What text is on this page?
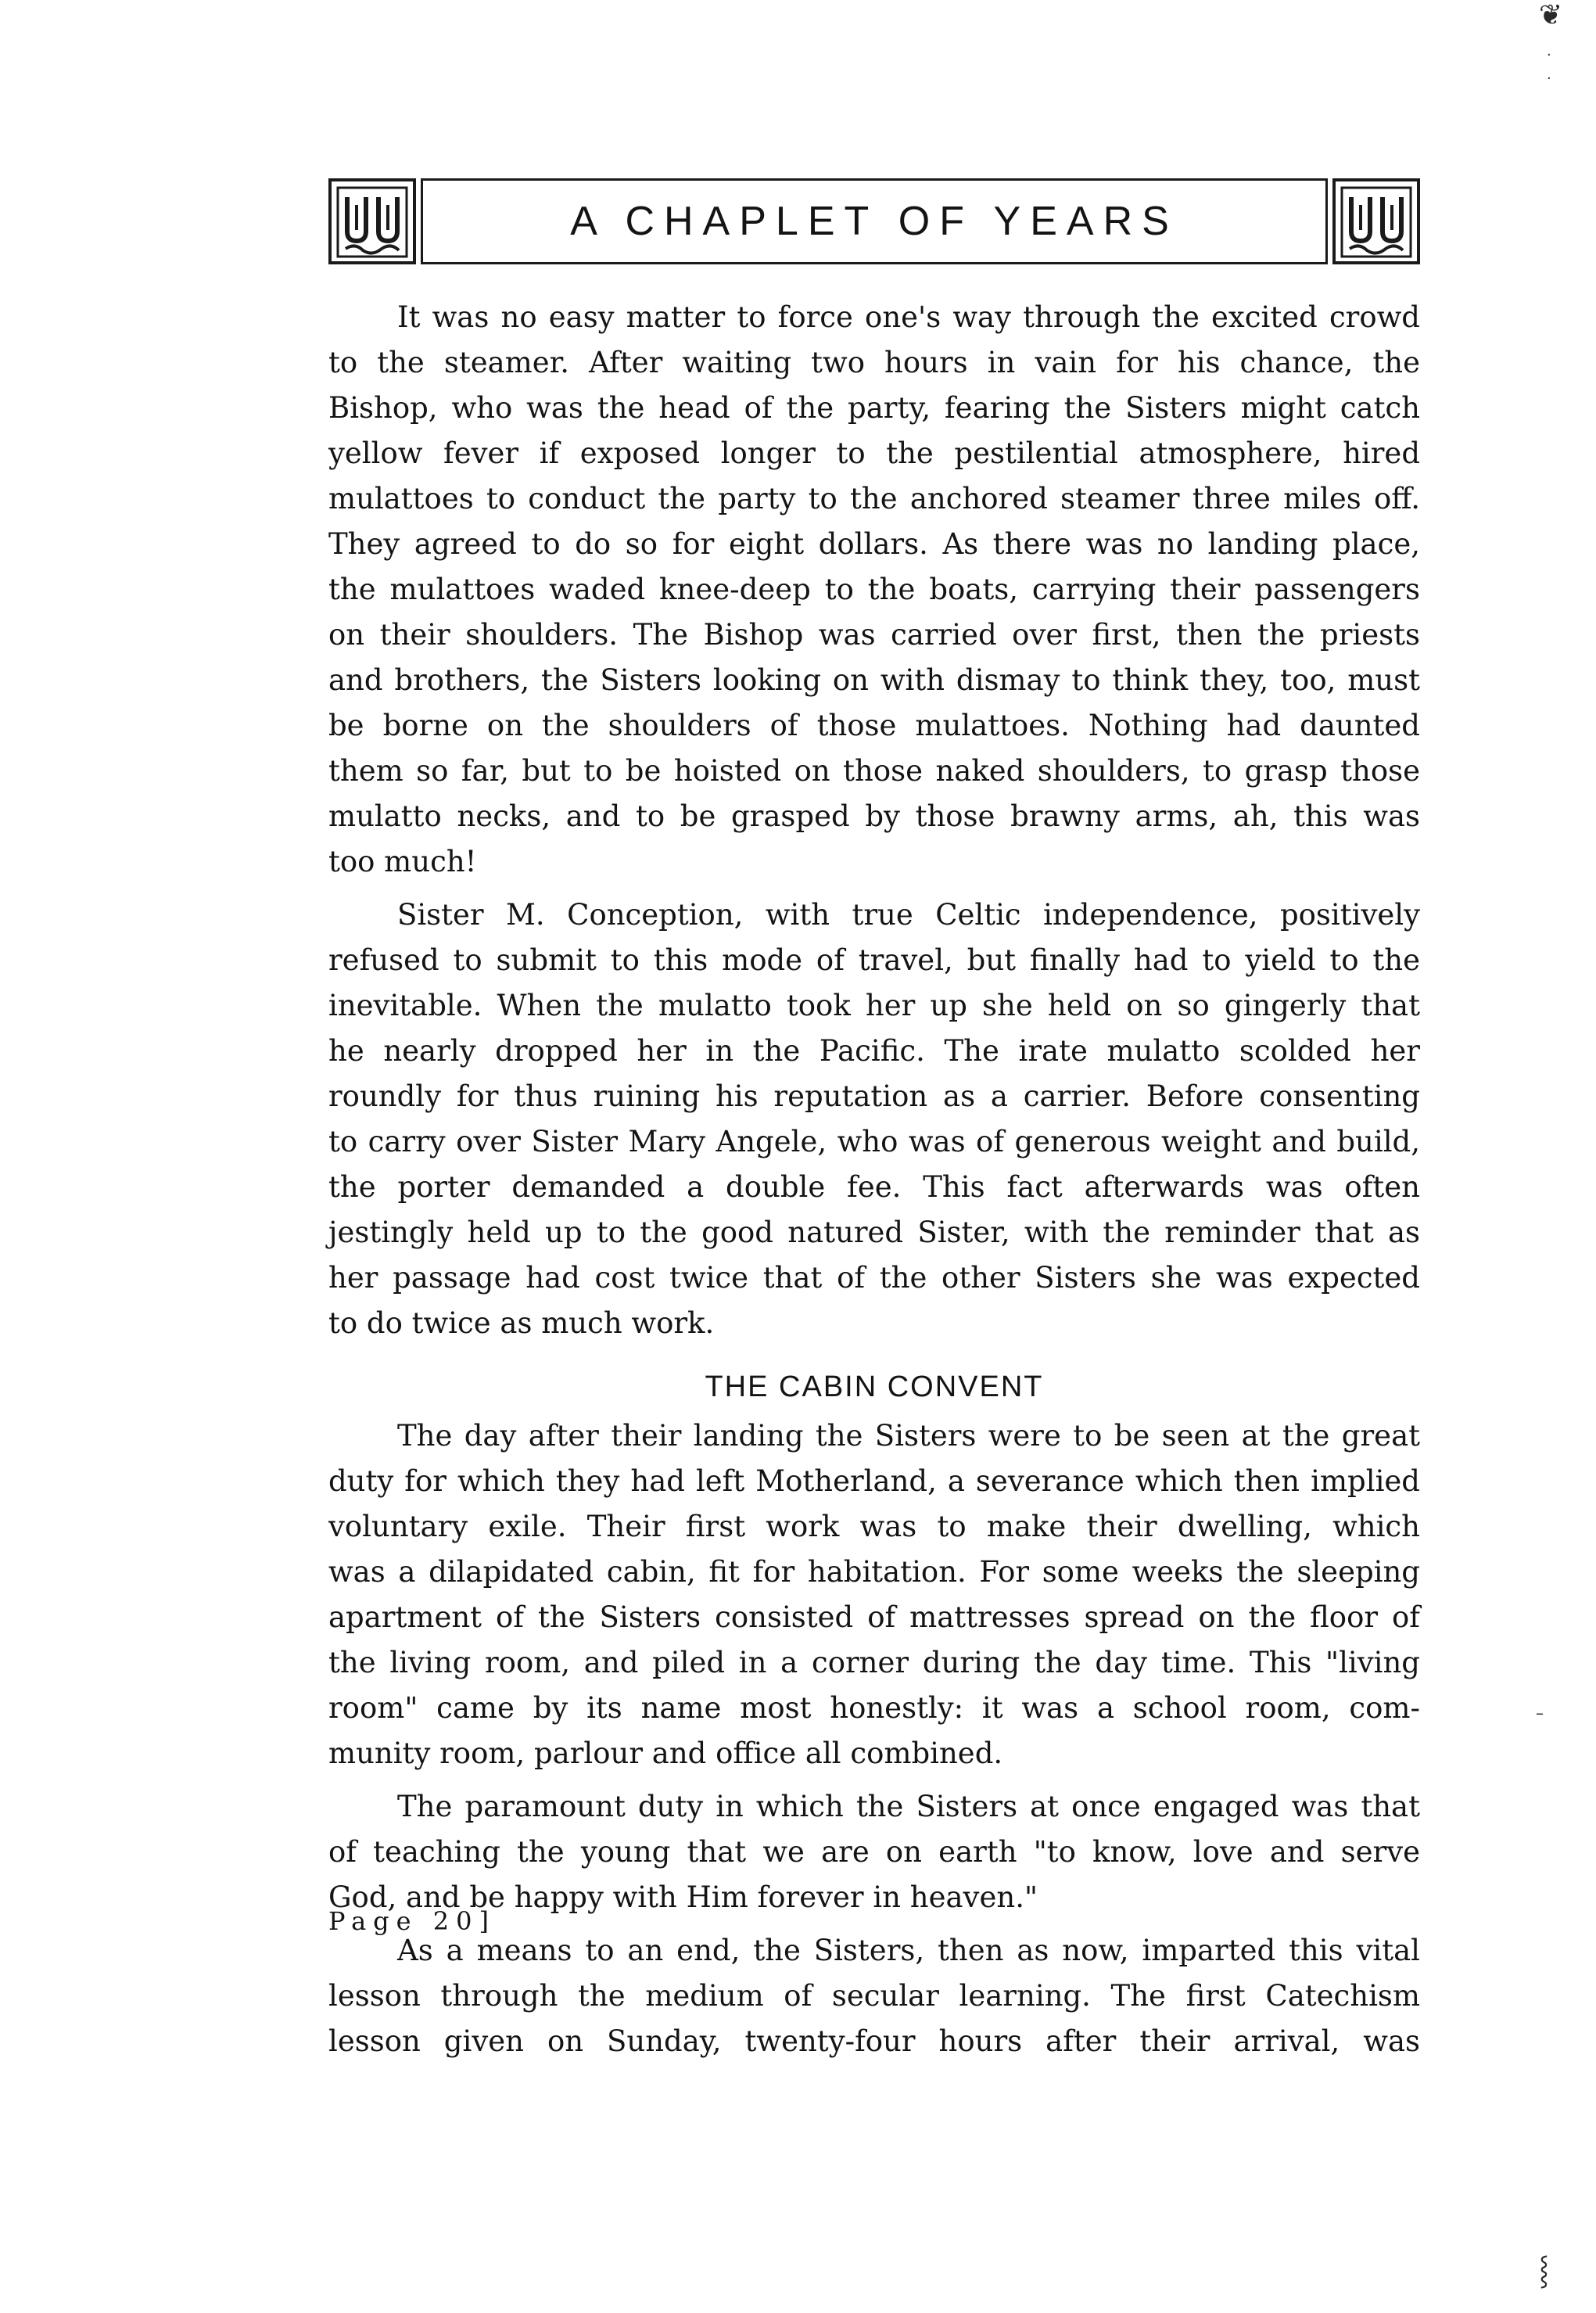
❦
·
·
–
⸾
A CHAPLET OF YEARS
It was no easy matter to force one's way through the excited crowd
to the steamer. After waiting two hours in vain for his chance, the
Bishop, who was the head of the party, fearing the Sisters might catch
yellow fever if exposed longer to the pestilential atmosphere, hired
mulattoes to conduct the party to the anchored steamer three miles off.
They agreed to do so for eight dollars. As there was no landing place,
the mulattoes waded knee-deep to the boats, carrying their passengers
on their shoulders. The Bishop was carried over first, then the priests
and brothers, the Sisters looking on with dismay to think they, too, must
be borne on the shoulders of those mulattoes. Nothing had daunted
them so far, but to be hoisted on those naked shoulders, to grasp those
mulatto necks, and to be grasped by those brawny arms, ah, this was
too much!
Sister M. Conception, with true Celtic independence, positively
refused to submit to this mode of travel, but finally had to yield to the
inevitable. When the mulatto took her up she held on so gingerly that
he nearly dropped her in the Pacific. The irate mulatto scolded her
roundly for thus ruining his reputation as a carrier. Before consenting
to carry over Sister Mary Angele, who was of generous weight and build,
the porter demanded a double fee. This fact afterwards was often
jestingly held up to the good natured Sister, with the reminder that as
her passage had cost twice that of the other Sisters she was expected
to do twice as much work.
THE CABIN CONVENT
The day after their landing the Sisters were to be seen at the great
duty for which they had left Motherland, a severance which then implied
voluntary exile. Their first work was to make their dwelling, which
was a dilapidated cabin, fit for habitation. For some weeks the sleeping
apartment of the Sisters consisted of mattresses spread on the floor of
the living room, and piled in a corner during the day time. This "living
room" came by its name most honestly: it was a school room, com-
munity room, parlour and office all combined.
The paramount duty in which the Sisters at once engaged was that
of teaching the young that we are on earth "to know, love and serve
God, and be happy with Him forever in heaven."
As a means to an end, the Sisters, then as now, imparted this vital
lesson through the medium of secular learning. The first Catechism
lesson given on Sunday, twenty-four hours after their arrival, was
Page 20]
